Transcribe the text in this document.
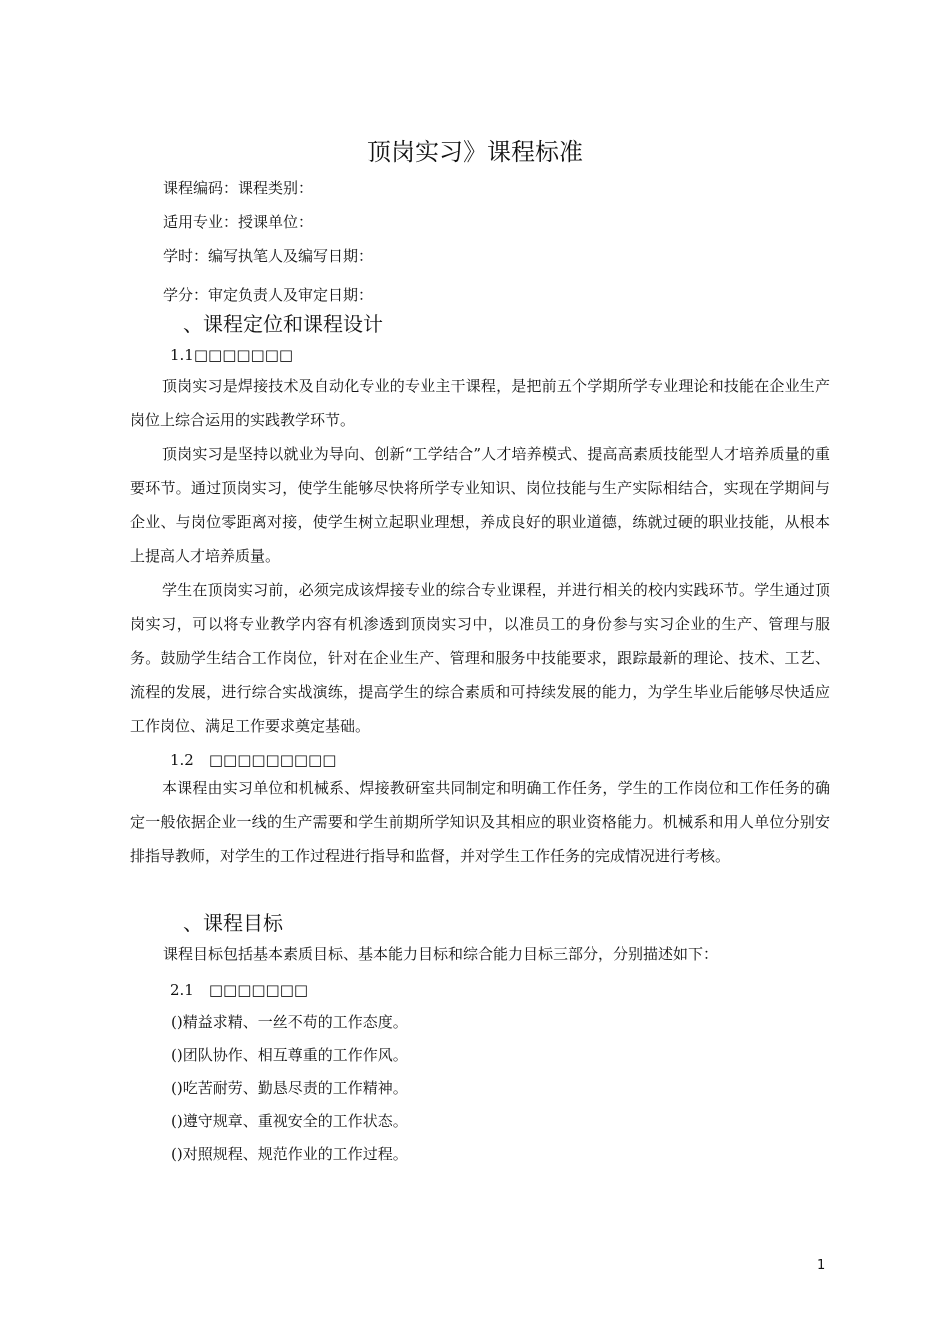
顶岗实习》课程标准
课程编码：课程类别：
适用专业：授课单位：
学时：编写执笔人及编写日期：
学分：审定负责人及审定日期：
、课程定位和课程设计
1.1□□□□□□□

顶岗实习是焊接技术及自动化专业的专业主干课程，是把前五个学期所学专业理论和技能在企业生产岗位上综合运用的实践教学环节。

顶岗实习是坚持以就业为导向、创新“工学结合”人才培养模式、提高高素质技能型人才培养质量的重要环节。通过顶岗实习，使学生能够尽快将所学专业知识、岗位技能与生产实际相结合，实现在学期间与企业、与岗位零距离对接，使学生树立起职业理想，养成良好的职业道德，练就过硬的职业技能，从根本上提高人才培养质量。

学生在顶岗实习前，必须完成该焊接专业的综合专业课程，并进行相关的校内实践环节。学生通过顶岗实习，可以将专业教学内容有机渗透到顶岗实习中，以准员工的身份参与实习企业的生产、管理与服务。鼓励学生结合工作岗位，针对在企业生产、管理和服务中技能要求，跟踪最新的理论、技术、工艺、流程的发展，进行综合实战演练，提高学生的综合素质和可持续发展的能力，为学生毕业后能够尽快适应工作岗位、满足工作要求奠定基础。

1.2　□□□□□□□□□

本课程由实习单位和机械系、焊接教研室共同制定和明确工作任务，学生的工作岗位和工作任务的确定一般依据企业一线的生产需要和学生前期所学知识及其相应的职业资格能力。机械系和用人单位分别安排指导教师，对学生的工作过程进行指导和监督，并对学生工作任务的完成情况进行考核。

、课程目标
课程目标包括基本素质目标、基本能力目标和综合能力目标三部分，分别描述如下：
2.1　□□□□□□□
()精益求精、一丝不苟的工作态度。
()团队协作、相互尊重的工作作风。
()吃苦耐劳、勤恳尽责的工作精神。
()遵守规章、重视安全的工作状态。
()对照规程、规范作业的工作过程。
1
